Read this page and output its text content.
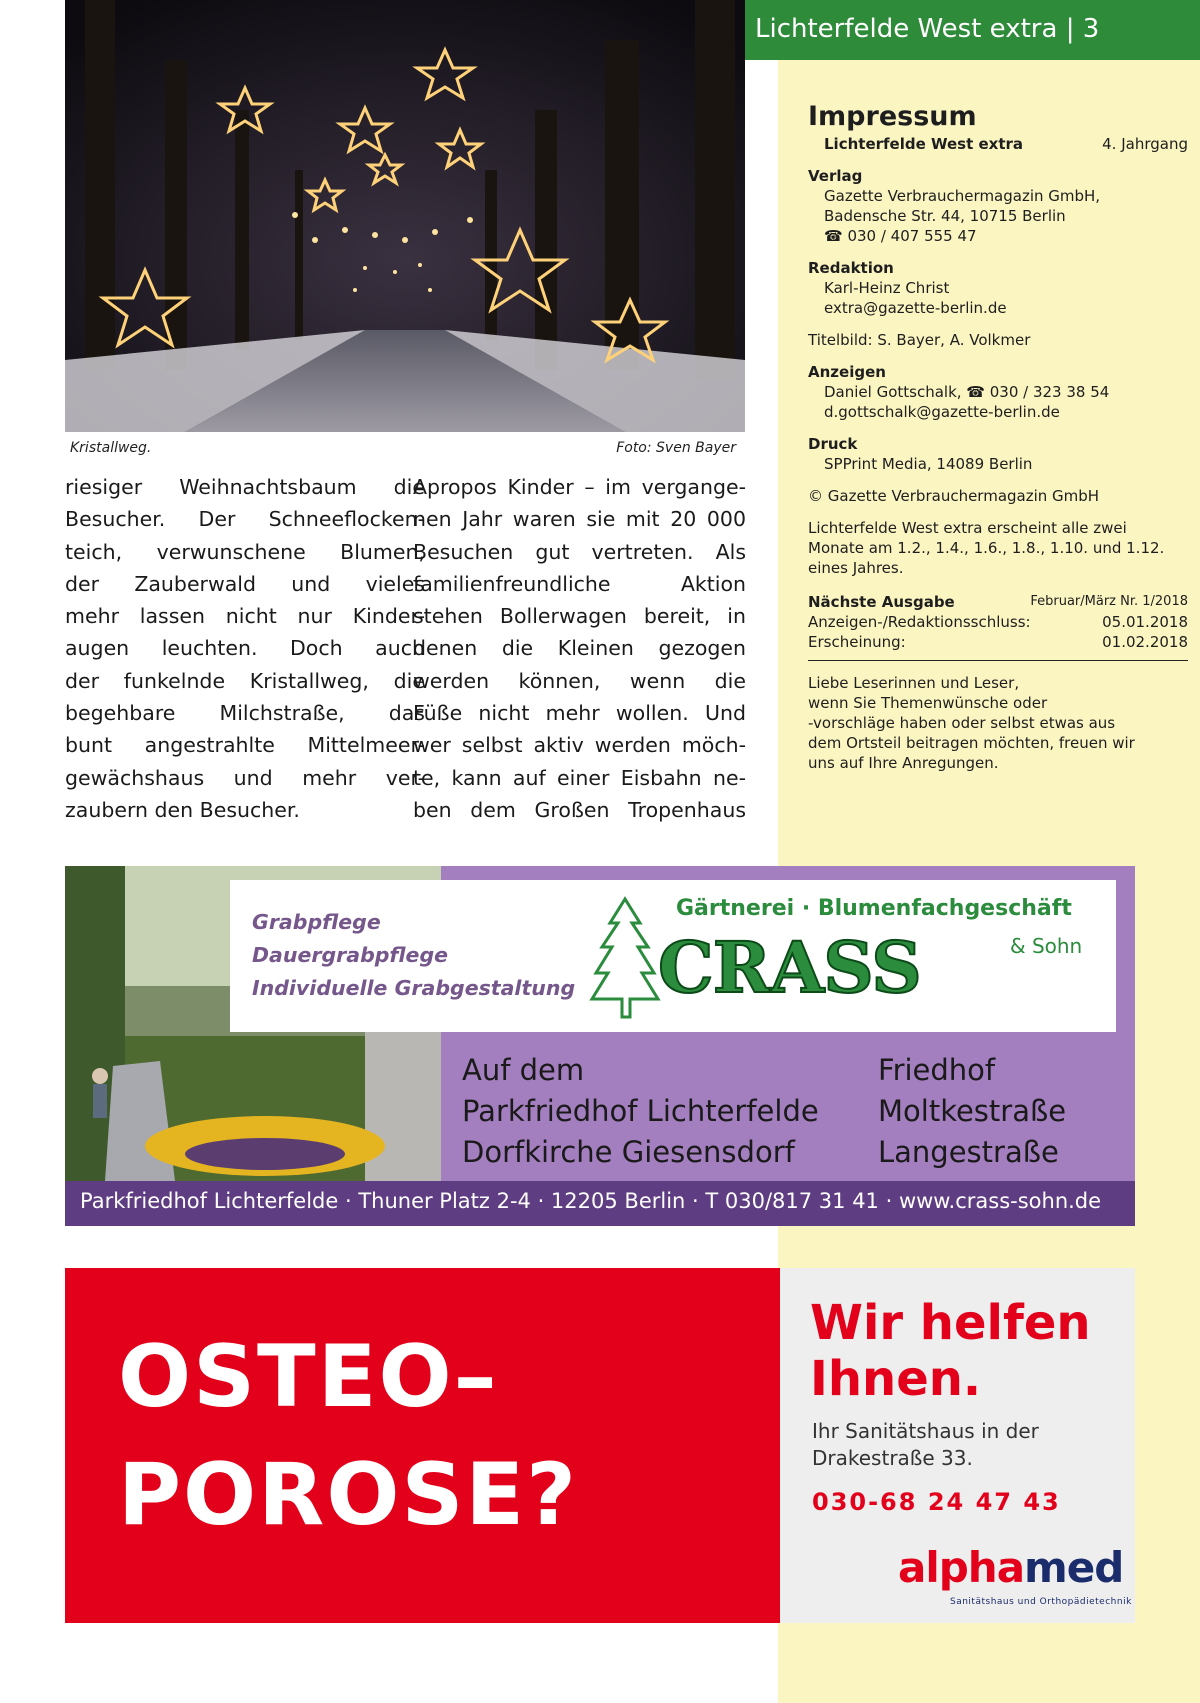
Lichterfelde West extra | 3
Kristallweg.	Foto: Sven Bayer
riesiger Weihnachtsbaum die
Besucher. Der Schneeflocken-
teich, verwunschene Blumen,
der Zauberwald und vieles
mehr lassen nicht nur Kinder-
augen leuchten. Doch auch
der funkelnde Kristallweg, die
begehbare Milchstraße, das
bunt angestrahlte Mittelmeer-
gewächshaus und mehr ver-
zaubern den Besucher.
Apropos Kinder – im vergange-
nen Jahr waren sie mit 20 000
Besuchen gut vertreten. Als
familienfreundliche Aktion
stehen Bollerwagen bereit, in
denen die Kleinen gezogen
werden können, wenn die
Füße nicht mehr wollen. Und
wer selbst aktiv werden möch-
te, kann auf einer Eisbahn ne-
ben dem Großen Tropenhaus
Impressum
Lichterfelde West extra	4. Jahrgang
Verlag
Gazette Verbrauchermagazin GmbH,
Badensche Str. 44, 10715 Berlin
☎ 030 / 407 555 47
Redaktion
Karl-Heinz Christ
extra@gazette-berlin.de
Titelbild: S. Bayer, A. Volkmer
Anzeigen
Daniel Gottschalk, ☎ 030 / 323 38 54
d.gottschalk@gazette-berlin.de
Druck
SPPrint Media, 14089 Berlin
© Gazette Verbrauchermagazin GmbH
Lichterfelde West extra erscheint alle zwei
Monate am 1.2., 1.4., 1.6., 1.8., 1.10. und 1.12.
eines Jahres.
Nächste Ausgabe	Februar/März Nr. 1/2018
Anzeigen-/Redaktionsschluss:	05.01.2018
Erscheinung:	01.02.2018
Liebe Leserinnen und Leser,
wenn Sie Themenwünsche oder
-vorschläge haben oder selbst etwas aus
dem Ortsteil beitragen möchten, freuen wir
uns auf Ihre Anregungen.
Grabpflege
Dauergrabpflege
Individuelle Grabgestaltung
Gärtnerei · Blumenfachgeschäft
CRASS	& Sohn
Auf dem
Parkfriedhof Lichterfelde
Dorfkirche Giesensdorf
Friedhof
Moltkestraße
Langestraße
Parkfriedhof Lichterfelde · Thuner Platz 2-4 · 12205 Berlin · T 030/817 31 41 · www.crass-sohn.de
OSTEO–
POROSE?
Wir helfen
Ihnen.
Ihr Sanitätshaus in der
Drakestraße 33.
030-68 24 47 43
alphamed
Sanitätshaus und Orthopädietechnik
